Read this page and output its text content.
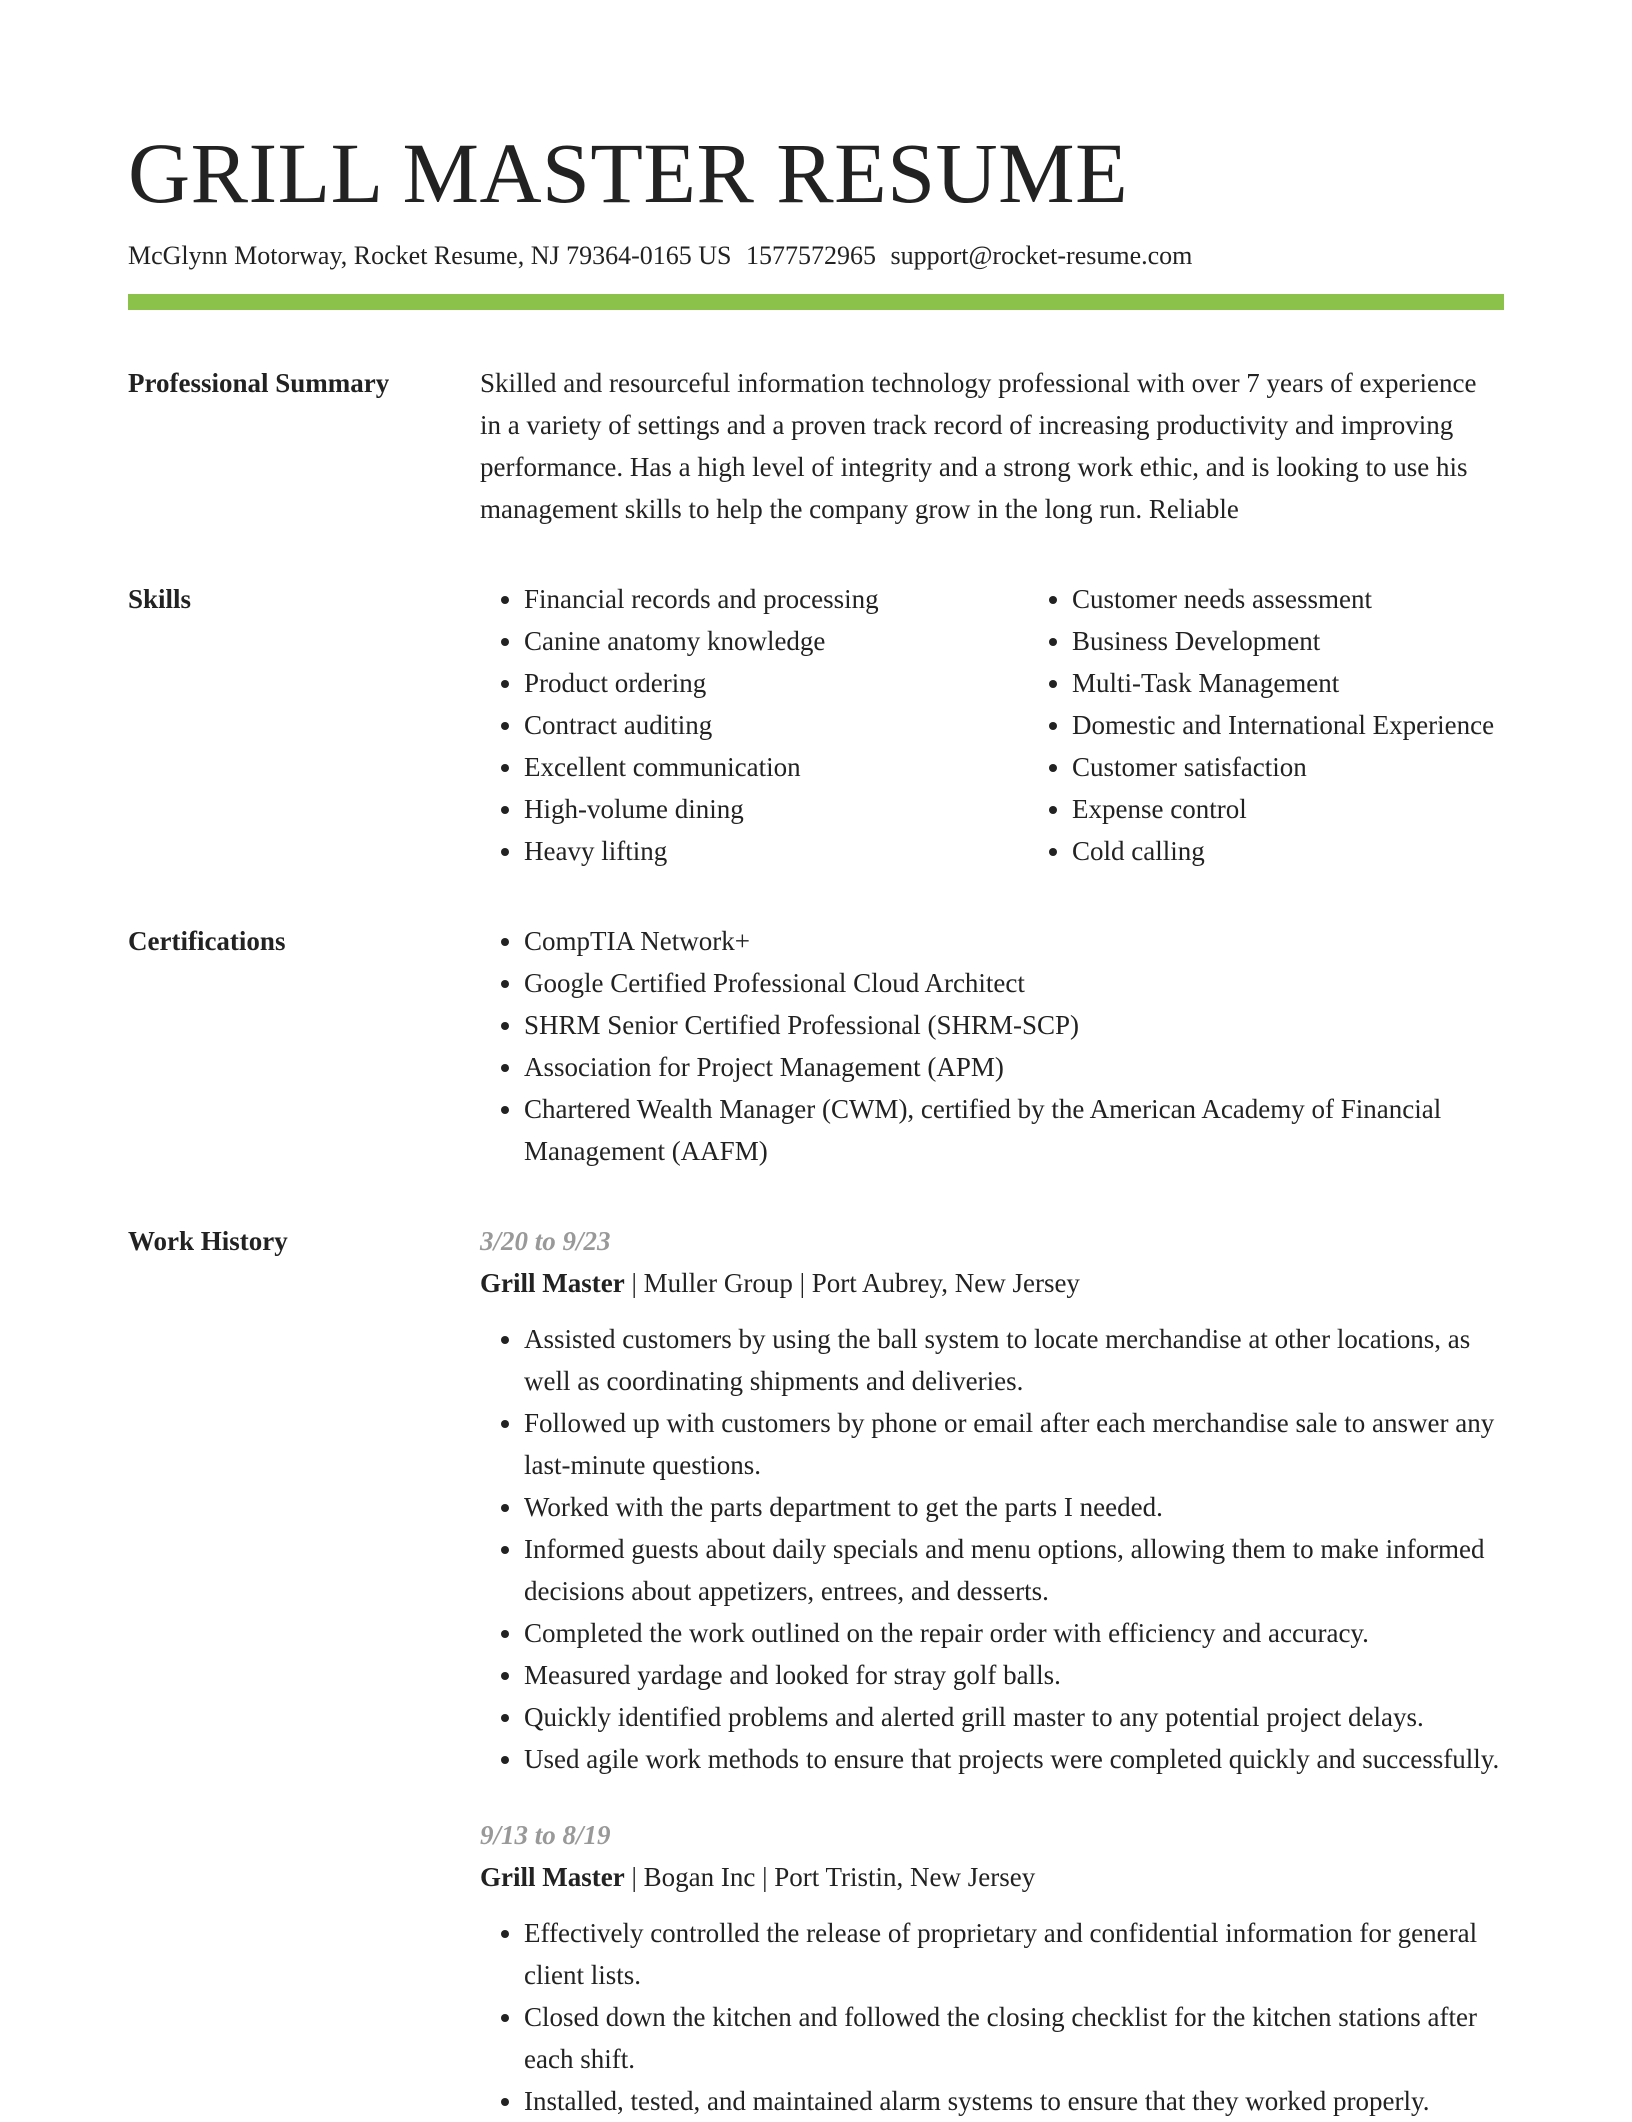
GRILL MASTER RESUME
McGlynn Motorway, Rocket Resume, NJ 79364-0165 US 1577572965 support@rocket-resume.com
Professional Summary	Skilled and resourceful information technology professional with over 7 years of experience in a variety of settings and a proven track record of increasing productivity and improving performance. Has a high level of integrity and a strong work ethic, and is looking to use his management skills to help the company grow in the long run. Reliable

Skills	• Financial records and processing
• Canine anatomy knowledge
• Product ordering
• Contract auditing
• Excellent communication
• High-volume dining
• Heavy lifting
• Customer needs assessment
• Business Development
• Multi-Task Management
• Domestic and International Experience
• Customer satisfaction
• Expense control
• Cold calling
Certifications	• CompTIA Network+
• Google Certified Professional Cloud Architect
• SHRM Senior Certified Professional (SHRM-SCP)
• Association for Project Management (APM)
• Chartered Wealth Manager (CWM), certified by the American Academy of Financial Management (AAFM)
Work History	3/20 to 9/23
Grill Master | Muller Group | Port Aubrey, New Jersey
• Assisted customers by using the ball system to locate merchandise at other locations, as well as coordinating shipments and deliveries.
• Followed up with customers by phone or email after each merchandise sale to answer any last-minute questions.
• Worked with the parts department to get the parts I needed.
• Informed guests about daily specials and menu options, allowing them to make informed decisions about appetizers, entrees, and desserts.
• Completed the work outlined on the repair order with efficiency and accuracy.
• Measured yardage and looked for stray golf balls.
• Quickly identified problems and alerted grill master to any potential project delays.
• Used agile work methods to ensure that projects were completed quickly and successfully.
9/13 to 8/19
Grill Master | Bogan Inc | Port Tristin, New Jersey
• Effectively controlled the release of proprietary and confidential information for general client lists.
• Closed down the kitchen and followed the closing checklist for the kitchen stations after each shift.
• Installed, tested, and maintained alarm systems to ensure that they worked properly.
